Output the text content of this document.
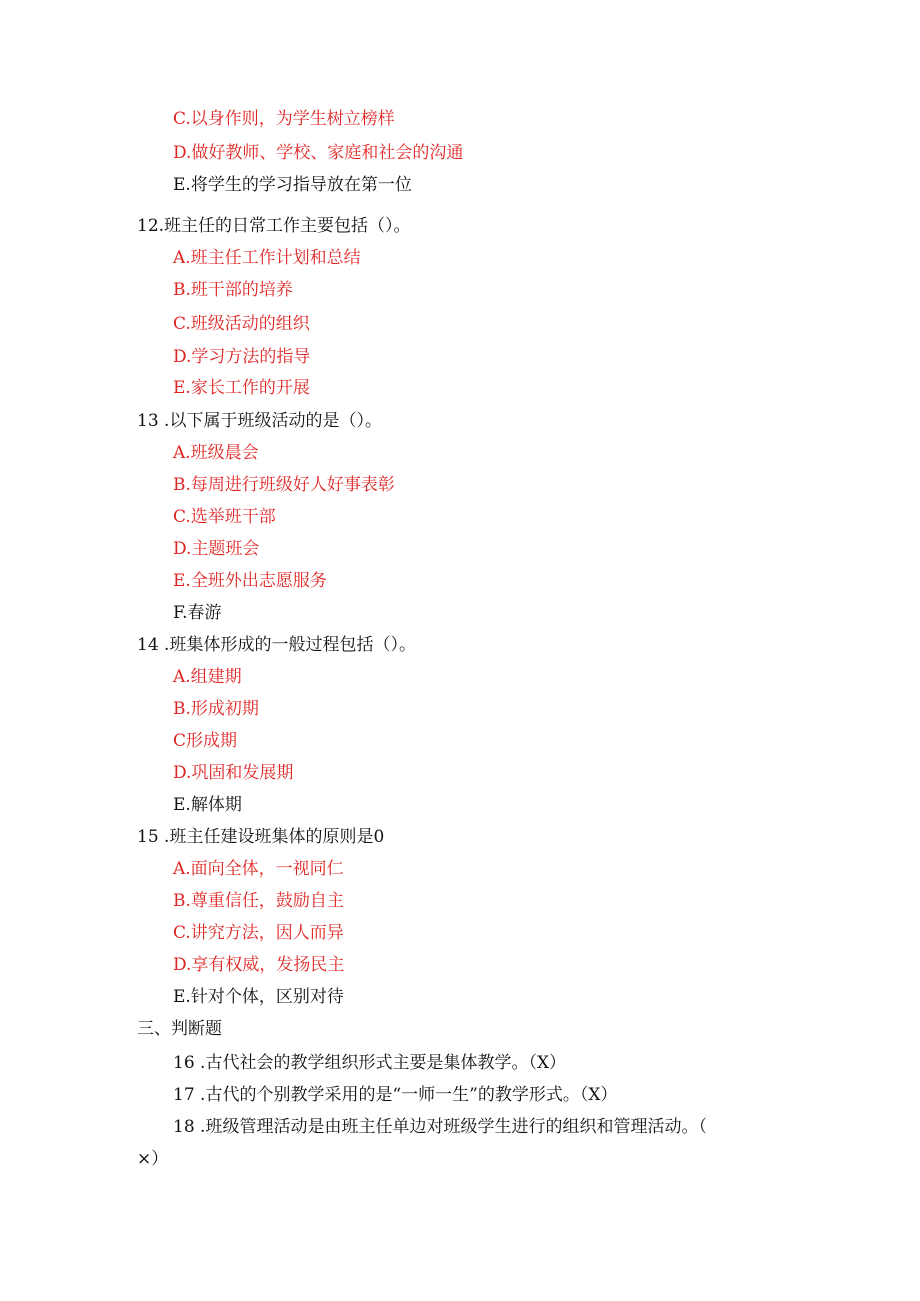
C.以身作则，为学生树立榜样
D.做好教师、学校、家庭和社会的沟通
E.将学生的学习指导放在第一位
12.班主任的日常工作主要包括（）。
A.班主任工作计划和总结
B.班干部的培养
C.班级活动的组织
D.学习方法的指导
E.家长工作的开展
13 .以下属于班级活动的是（）。
A.班级晨会
B.每周进行班级好人好事表彰
C.选举班干部
D.主题班会
E.全班外出志愿服务
F.春游
14 .班集体形成的一般过程包括（）。
A.组建期
B.形成初期
C形成期
D.巩固和发展期
E.解体期
15 .班主任建设班集体的原则是0
A.面向全体，一视同仁
B.尊重信任，鼓励自主
C.讲究方法，因人而异
D.享有权威，发扬民主
E.针对个体，区别对待
三、判断题
16 .古代社会的教学组织形式主要是集体教学。（X）
17 .古代的个别教学采用的是“一师一生”的教学形式。（X）
18 .班级管理活动是由班主任单边对班级学生进行的组织和管理活动。（
×）
